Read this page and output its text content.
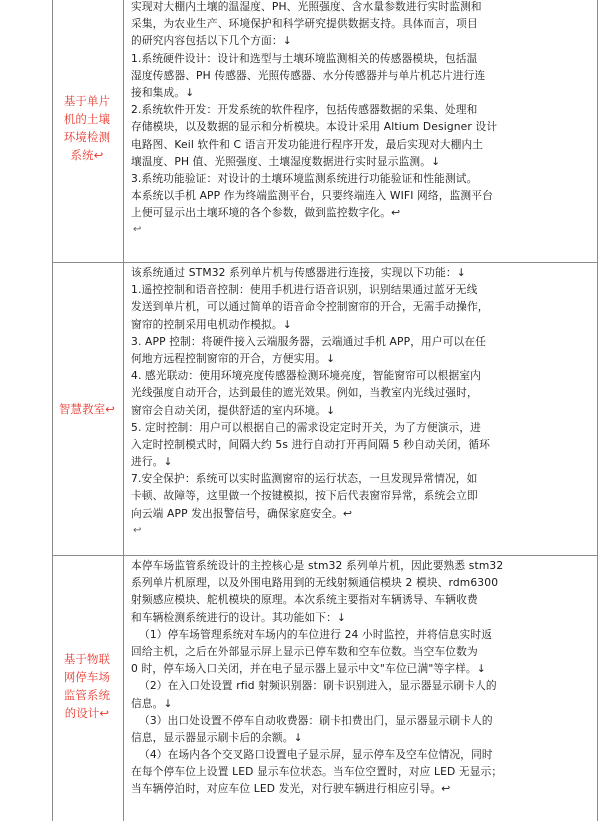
基于单片
机的土壤
环境检测
系统↩
实现对大棚内土壤的温湿度、PH、光照强度、含水量参数进行实时监测和
采集，为农业生产、环境保护和科学研究提供数据支持。具体而言，项目
的研究内容包括以下几个方面：↓
1.系统硬件设计：设计和选型与土壤环境监测相关的传感器模块，包括温
湿度传感器、PH 传感器、光照传感器、水分传感器并与单片机芯片进行连
接和集成。↓
2.系统软件开发：开发系统的软件程序，包括传感器数据的采集、处理和
存储模块，以及数据的显示和分析模块。本设计采用 Altium Designer 设计
电路图、Keil 软件和 C 语言开发功能进行程序开发，最后实现对大棚内土
壤温度、PH 值、光照强度、土壤湿度数据进行实时显示监测。↓
3.系统功能验证：对设计的土壤环境监测系统进行功能验证和性能测试。
本系统以手机 APP 作为终端监测平台，只要终端连入 WIFI 网络，监测平台
上便可显示出土壤环境的各个参数，做到监控数字化。↩
↩
智慧教室↩
该系统通过 STM32 系列单片机与传感器进行连接，实现以下功能：↓
1.遥控控制和语音控制：使用手机进行语音识别，识别结果通过蓝牙无线
发送到单片机，可以通过简单的语音命令控制窗帘的开合，无需手动操作，
窗帘的控制采用电机动作模拟。↓
3. APP 控制：将硬件接入云端服务器，云端通过手机 APP，用户可以在任
何地方远程控制窗帘的开合，方便实用。↓
4. 感光联动：使用环境亮度传感器检测环境亮度，智能窗帘可以根据室内
光线强度自动开合，达到最佳的遮光效果。例如，当教室内光线过强时，
窗帘会自动关闭，提供舒适的室内环境。↓
5. 定时控制：用户可以根据自己的需求设定定时开关，为了方便演示，进
入定时控制模式时，间隔大约 5s 进行自动打开再间隔 5 秒自动关闭，循环
进行。↓
7.安全保护：系统可以实时监测窗帘的运行状态，一旦发现异常情况，如
卡顿、故障等，这里做一个按键模拟，按下后代表窗帘异常，系统会立即
向云端 APP 发出报警信号，确保家庭安全。↩
↩
基于物联
网停车场
监管系统
的设计↩
本停车场监管系统设计的主控核心是 stm32 系列单片机，因此要熟悉 stm32
系列单片机原理，以及外围电路用到的无线射频通信模块 2 模块、rdm6300
射频感应模块、舵机模块的原理。本次系统主要指对车辆诱导、车辆收费
和车辆检测系统进行的设计。其功能如下：↓
（1）停车场管理系统对车场内的车位进行 24 小时监控，并将信息实时返
回给主机，之后在外部显示屏上显示已停车数和空车位数。当空车位数为
0 时，停车场入口关闭，并在电子显示器上显示中文"车位已满"等字样。↓
（2）在入口处设置 rfid 射频识别器：刷卡识别进入，显示器显示刷卡人的
信息。↓
（3）出口处设置不停车自动收费器：刷卡扣费出门，显示器显示刷卡人的
信息，显示器显示刷卡后的余额。↓
（4）在场内各个交叉路口设置电子显示屏，显示停车及空车位情况，同时
在每个停车位上设置 LED 显示车位状态。当车位空置时，对应 LED 无显示；
当车辆停泊时，对应车位 LED 发光，对行驶车辆进行相应引导。↩
